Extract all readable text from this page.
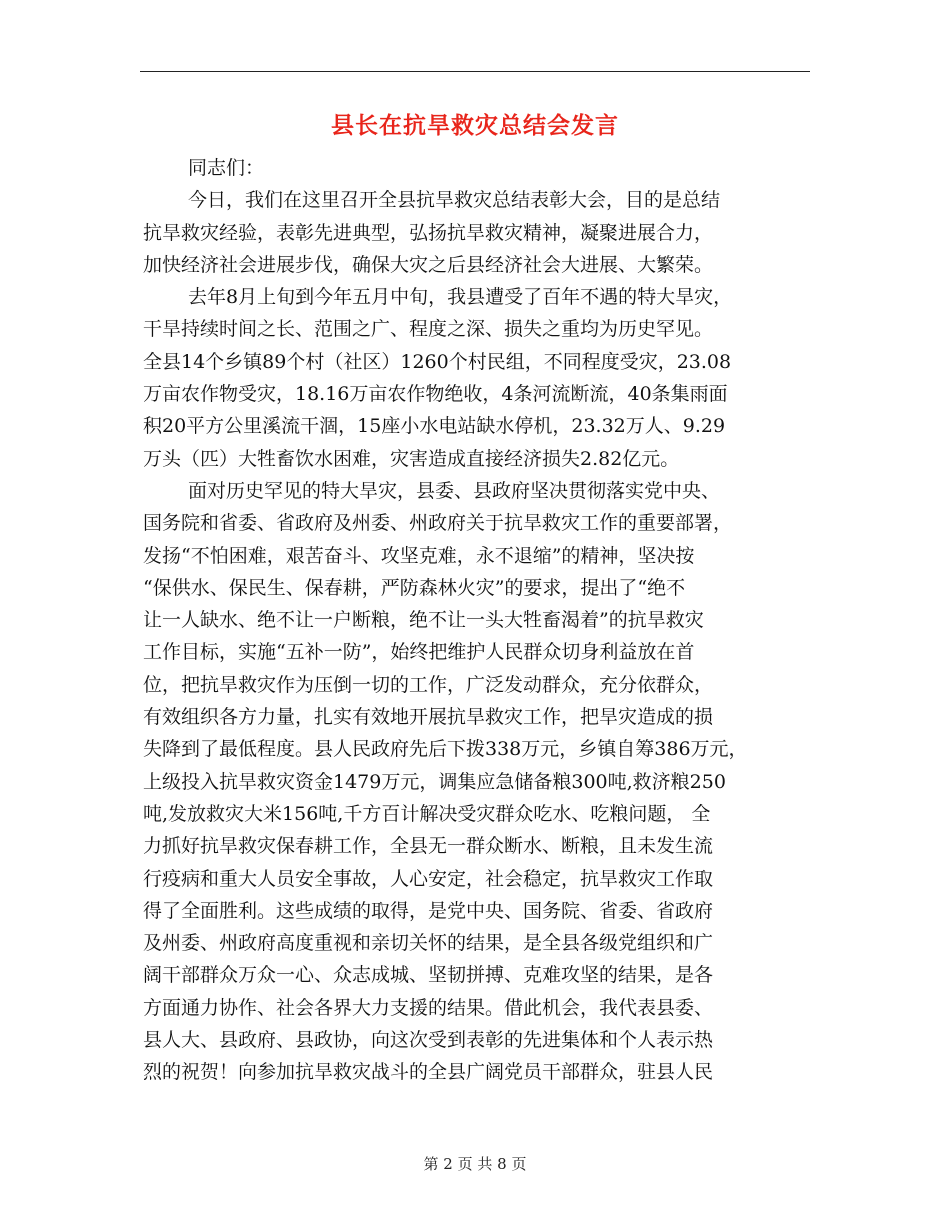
县长在抗旱救灾总结会发言
同志们：
今日，我们在这里召开全县抗旱救灾总结表彰大会，目的是总结
抗旱救灾经验，表彰先进典型，弘扬抗旱救灾精神，凝聚进展合力，
加快经济社会进展步伐，确保大灾之后县经济社会大进展、大繁荣。
去年8月上旬到今年五月中旬，我县遭受了百年不遇的特大旱灾，
干旱持续时间之长、范围之广、程度之深、损失之重均为历史罕见。
全县14个乡镇89个村（社区）1260个村民组，不同程度受灾，23.08
万亩农作物受灾，18.16万亩农作物绝收，4条河流断流，40条集雨面
积20平方公里溪流干涸，15座小水电站缺水停机，23.32万人、9.29
万头（匹）大牲畜饮水困难，灾害造成直接经济损失2.82亿元。
面对历史罕见的特大旱灾，县委、县政府坚决贯彻落实党中央、
国务院和省委、省政府及州委、州政府关于抗旱救灾工作的重要部署，
发扬“不怕困难，艰苦奋斗、攻坚克难，永不退缩”的精神，坚决按
“保供水、保民生、保春耕，严防森林火灾”的要求，提出了“绝不
让一人缺水、绝不让一户断粮，绝不让一头大牲畜渴着”的抗旱救灾
工作目标，实施“五补一防”，始终把维护人民群众切身利益放在首
位，把抗旱救灾作为压倒一切的工作，广泛发动群众，充分依群众，
有效组织各方力量，扎实有效地开展抗旱救灾工作，把旱灾造成的损
失降到了最低程度。县人民政府先后下拨338万元，乡镇自筹386万元，
上级投入抗旱救灾资金1479万元，调集应急储备粮300吨,救济粮250
吨,发放救灾大米156吨,千方百计解决受灾群众吃水、吃粮问题， 全
力抓好抗旱救灾保春耕工作，全县无一群众断水、断粮，且未发生流
行疫病和重大人员安全事故，人心安定，社会稳定，抗旱救灾工作取
得了全面胜利。这些成绩的取得，是党中央、国务院、省委、省政府
及州委、州政府高度重视和亲切关怀的结果，是全县各级党组织和广
阔干部群众万众一心、众志成城、坚韧拼搏、克难攻坚的结果，是各
方面通力协作、社会各界大力支援的结果。借此机会，我代表县委、
县人大、县政府、县政协，向这次受到表彰的先进集体和个人表示热
烈的祝贺！向参加抗旱救灾战斗的全县广阔党员干部群众，驻县人民
第 2 页 共 8 页
